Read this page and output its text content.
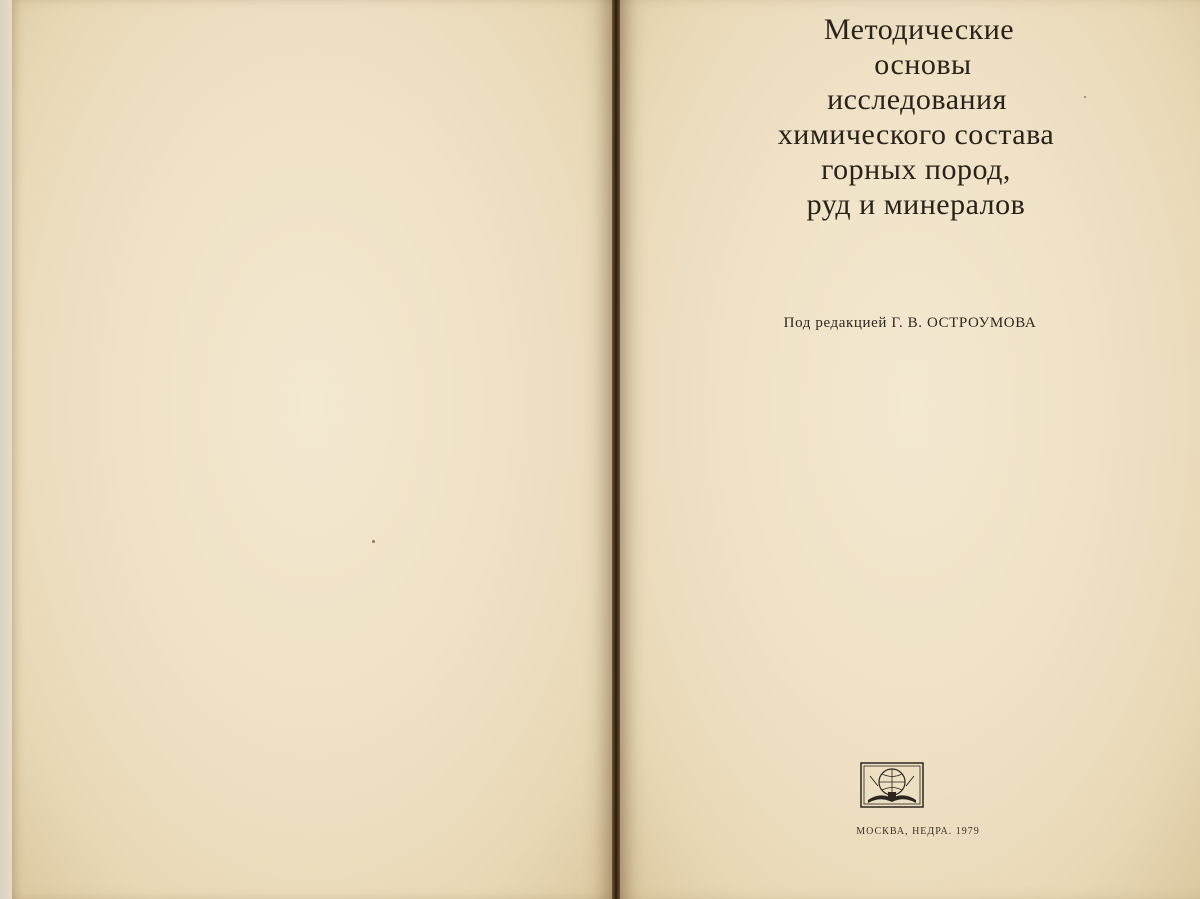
Методические
основы
исследования
химического состава
горных пород,
руд и минералов
Под редакцией Г. В. ОСТРОУМОВА
МОСКВА, НЕДРА. 1979
